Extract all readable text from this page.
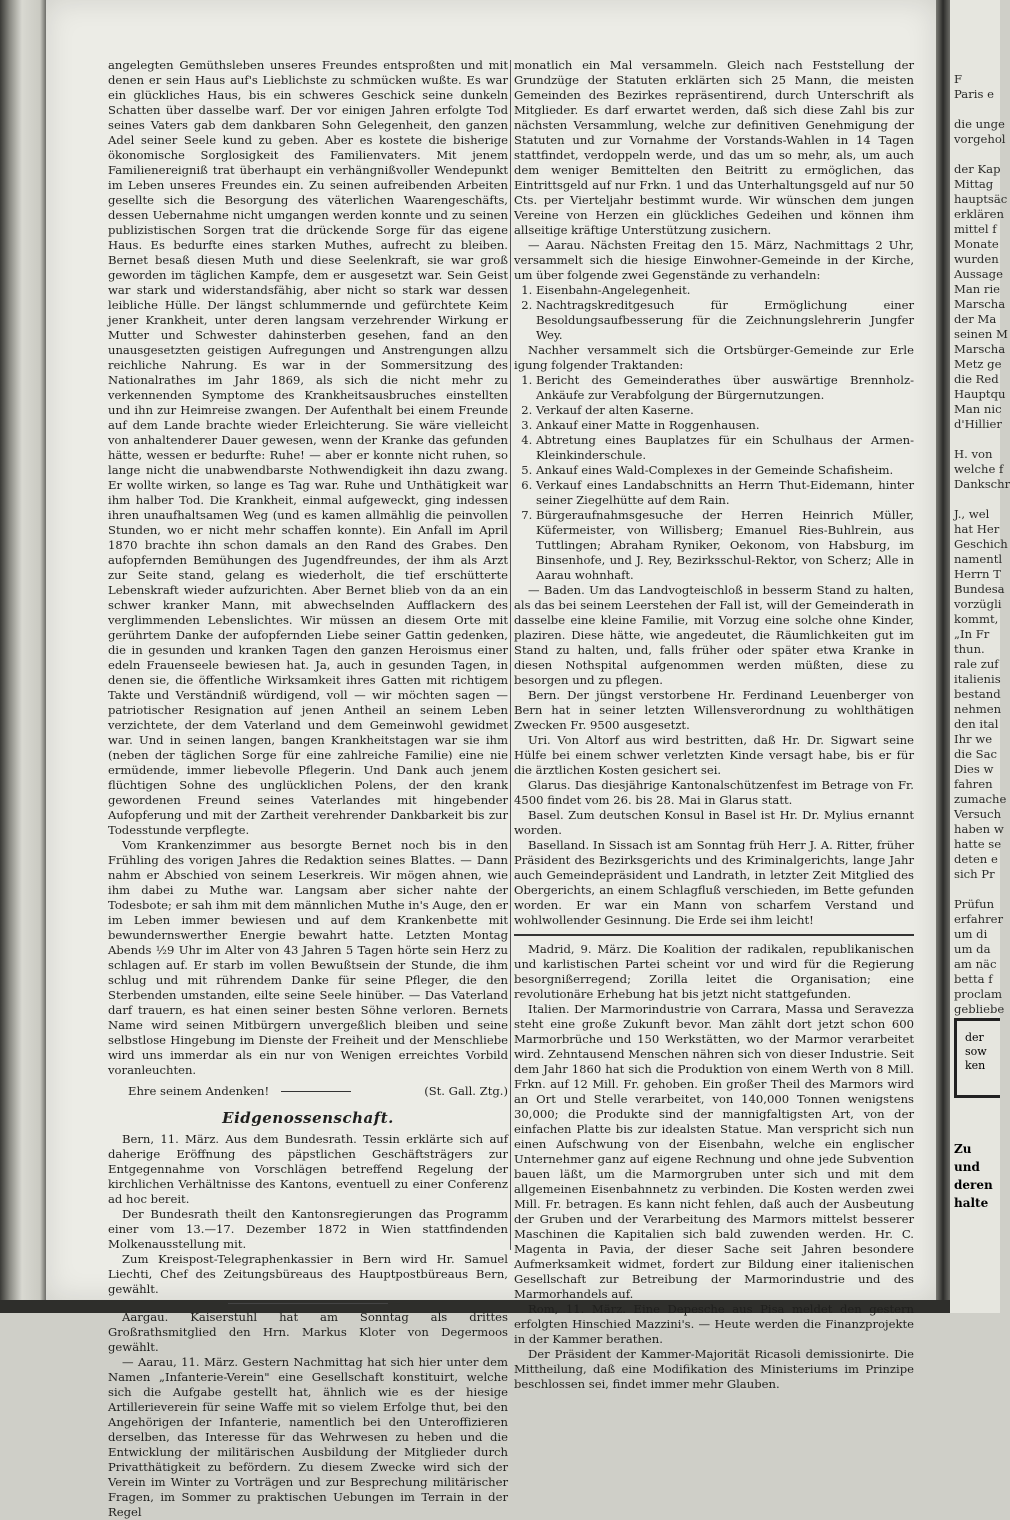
angelegten Gemüthsleben unseres Freundes entsproßten und mit denen er sein Haus auf's Lieblichste zu schmücken wußte. Es war ein glückliches Haus, bis ein schweres Geschick seine dunkeln Schatten über dasselbe warf. Der vor einigen Jahren erfolgte Tod seines Vaters gab dem dankbaren Sohn Gelegenheit, den ganzen Adel seiner Seele kund zu geben. Aber es kostete die bisherige ökonomische Sorglosigkeit des Familienvaters. Mit jenem Familienereigniß trat überhaupt ein verhängnißvoller Wendepunkt im Leben unseres Freundes ein. Zu seinen aufreibenden Arbeiten gesellte sich die Besorgung des väterlichen Waarengeschäfts, dessen Uebernahme nicht umgangen werden konnte und zu seinen publizistischen Sorgen trat die drückende Sorge für das eigene Haus. Es bedurfte eines starken Muthes, aufrecht zu bleiben. Bernet besaß diesen Muth und diese Seelenkraft, sie war groß geworden im täglichen Kampfe, dem er ausgesetzt war. Sein Geist war stark und widerstandsfähig, aber nicht so stark war dessen leibliche Hülle. Der längst schlummernde und gefürchtete Keim jener Krankheit, unter deren langsam verzehrender Wirkung er Mutter und Schwester dahinsterben gesehen, fand an den unausgesetzten geistigen Aufregungen und Anstrengungen allzu reichliche Nahrung. Es war in der Sommersitzung des Nationalrathes im Jahr 1869, als sich die nicht mehr zu verkennenden Symptome des Krankheitsausbruches einstellten und ihn zur Heimreise zwangen. Der Aufenthalt bei einem Freunde auf dem Lande brachte wieder Erleichterung. Sie wäre vielleicht von anhaltenderer Dauer gewesen, wenn der Kranke das gefunden hätte, wessen er bedurfte: Ruhe! — aber er konnte nicht ruhen, so lange nicht die unabwendbarste Nothwendigkeit ihn dazu zwang. Er wollte wirken, so lange es Tag war. Ruhe und Unthätigkeit war ihm halber Tod. Die Krankheit, einmal aufgeweckt, ging indessen ihren unaufhaltsamen Weg (und es kamen allmählig die peinvollen Stunden, wo er nicht mehr schaffen konnte). Ein Anfall im April 1870 brachte ihn schon damals an den Rand des Grabes. Den aufopfernden Bemühungen des Jugendfreundes, der ihm als Arzt zur Seite stand, gelang es wiederholt, die tief erschütterte Lebenskraft wieder aufzurichten. Aber Bernet blieb von da an ein schwer kranker Mann, mit abwechselnden Aufflackern des verglimmenden Lebenslichtes. Wir müssen an diesem Orte mit gerührtem Danke der aufopfernden Liebe seiner Gattin gedenken, die in gesunden und kranken Tagen den ganzen Heroismus einer edeln Frauenseele bewiesen hat. Ja, auch in gesunden Tagen, in denen sie, die öffentliche Wirksamkeit ihres Gatten mit richtigem Takte und Verständniß würdigend, voll — wir möchten sagen — patriotischer Resignation auf jenen Antheil an seinem Leben verzichtete, der dem Vaterland und dem Gemeinwohl gewidmet war. Und in seinen langen, bangen Krankheitstagen war sie ihm (neben der täglichen Sorge für eine zahlreiche Familie) eine nie ermüdende, immer liebevolle Pflegerin. Und Dank auch jenem flüchtigen Sohne des unglücklichen Polens, der den krank gewordenen Freund seines Vaterlandes mit hingebender Aufopferung und mit der Zartheit verehrender Dankbarkeit bis zur Todesstunde verpflegte.

Vom Krankenzimmer aus besorgte Bernet noch bis in den Frühling des vorigen Jahres die Redaktion seines Blattes. — Dann nahm er Abschied von seinem Leserkreis. Wir mögen ahnen, wie ihm dabei zu Muthe war. Langsam aber sicher nahte der Todesbote; er sah ihm mit dem männlichen Muthe in's Auge, den er im Leben immer bewiesen und auf dem Krankenbette mit bewundernswerther Energie bewahrt hatte. Letzten Montag Abends ½9 Uhr im Alter von 43 Jahren 5 Tagen hörte sein Herz zu schlagen auf. Er starb im vollen Bewußtsein der Stunde, die ihm schlug und mit rührendem Danke für seine Pfleger, die den Sterbenden umstanden, eilte seine Seele hinüber. — Das Vaterland darf trauern, es hat einen seiner besten Söhne verloren. Bernets Name wird seinen Mitbürgern unvergeßlich bleiben und seine selbstlose Hingebung im Dienste der Freiheit und der Menschliebe wird uns immerdar als ein nur von Wenigen erreichtes Vorbild voranleuchten.

Ehre seinem Andenken!	(St. Gall. Ztg.)
Eidgenossenschaft.

Bern, 11. März. Aus dem Bundesrath. Tessin erklärte sich auf daherige Eröffnung des päpstlichen Geschäftsträgers zur Entgegennahme von Vorschlägen betreffend Regelung der kirchlichen Verhältnisse des Kantons, eventuell zu einer Conferenz ad hoc bereit.

Der Bundesrath theilt den Kantonsregierungen das Programm einer vom 13.—17. Dezember 1872 in Wien stattfindenden Molkenausstellung mit.

Zum Kreispost-Telegraphenkassier in Bern wird Hr. Samuel Liechti, Chef des Zeitungsbüreaus des Hauptpostbüreaus Bern, gewählt.

Aargau. Kaiserstuhl hat am Sonntag als drittes Großrathsmitglied den Hrn. Markus Kloter von Degermoos gewählt.

— Aarau, 11. März. Gestern Nachmittag hat sich hier unter dem Namen „Infanterie-Verein" eine Gesellschaft konstituirt, welche sich die Aufgabe gestellt hat, ähnlich wie es der hiesige Artillerieverein für seine Waffe mit so vielem Erfolge thut, bei den Angehörigen der Infanterie, namentlich bei den Unteroffizieren derselben, das Interesse für das Wehrwesen zu heben und die Entwicklung der militärischen Ausbildung der Mitglieder durch Privatthätigkeit zu befördern. Zu diesem Zwecke wird sich der Verein im Winter zu Vorträgen und zur Besprechung militärischer Fragen, im Sommer zu praktischen Uebungen im Terrain in der Regel

monatlich ein Mal versammeln. Gleich nach Feststellung der Grundzüge der Statuten erklärten sich 25 Mann, die meisten Gemeinden des Bezirkes repräsentirend, durch Unterschrift als Mitglieder. Es darf erwartet werden, daß sich diese Zahl bis zur nächsten Versammlung, welche zur definitiven Genehmigung der Statuten und zur Vornahme der Vorstands-Wahlen in 14 Tagen stattfindet, verdoppeln werde, und das um so mehr, als, um auch dem weniger Bemittelten den Beitritt zu ermöglichen, das Eintrittsgeld auf nur Frkn. 1 und das Unterhaltungsgeld auf nur 50 Cts. per Vierteljahr bestimmt wurde. Wir wünschen dem jungen Vereine von Herzen ein glückliches Gedeihen und können ihm allseitige kräftige Unterstützung zusichern.

— Aarau. Nächsten Freitag den 15. März, Nachmittags 2 Uhr, versammelt sich die hiesige Einwohner-Gemeinde in der Kirche, um über folgende zwei Gegenstände zu verhandeln:

1. Eisenbahn-Angelegenheit.
2. Nachtragskreditgesuch für Ermöglichung einer Besoldungsaufbesserung für die Zeichnungslehrerin Jungfer Wey.

Nachher versammelt sich die Ortsbürger-Gemeinde zur Erle igung folgender Traktanden:

1. Bericht des Gemeinderathes über auswärtige Brennholz-Ankäufe zur Verabfolgung der Bürgernutzungen.
2. Verkauf der alten Kaserne.
3. Ankauf einer Matte in Roggenhausen.
4. Abtretung eines Bauplatzes für ein Schulhaus der Armen-Kleinkinderschule.
5. Ankauf eines Wald-Complexes in der Gemeinde Schafisheim.
6. Verkauf eines Landabschnitts an Herrn Thut-Eidemann, hinter seiner Ziegelhütte auf dem Rain.
7. Bürgeraufnahmsgesuche der Herren Heinrich Müller, Küfermeister, von Willisberg; Emanuel Ries-Buhlrein, aus Tuttlingen; Abraham Ryniker, Oekonom, von Habsburg, im Binsenhofe, und J. Rey, Bezirksschul-Rektor, von Scherz; Alle in Aarau wohnhaft.

— Baden. Um das Landvogteischloß in besserm Stand zu halten, als das bei seinem Leerstehen der Fall ist, will der Gemeinderath in dasselbe eine kleine Familie, mit Vorzug eine solche ohne Kinder, plaziren. Diese hätte, wie angedeutet, die Räumlichkeiten gut im Stand zu halten, und, falls früher oder später etwa Kranke in diesen Nothspital aufgenommen werden müßten, diese zu besorgen und zu pflegen.

Bern. Der jüngst verstorbene Hr. Ferdinand Leuenberger von Bern hat in seiner letzten Willensverordnung zu wohlthätigen Zwecken Fr. 9500 ausgesetzt.

Uri. Von Altorf aus wird bestritten, daß Hr. Dr. Sigwart seine Hülfe bei einem schwer verletzten Kinde versagt habe, bis er für die ärztlichen Kosten gesichert sei.

Glarus. Das diesjährige Kantonalschützenfest im Betrage von Fr. 4500 findet vom 26. bis 28. Mai in Glarus statt.

Basel. Zum deutschen Konsul in Basel ist Hr. Dr. Mylius ernannt worden.

Baselland. In Sissach ist am Sonntag früh Herr J. A. Ritter, früher Präsident des Bezirksgerichts und des Kriminalgerichts, lange Jahr auch Gemeindepräsident und Landrath, in letzter Zeit Mitglied des Obergerichts, an einem Schlagfluß verschieden, im Bette gefunden worden. Er war ein Mann von scharfem Verstand und wohlwollender Gesinnung. Die Erde sei ihm leicht!

Madrid, 9. März. Die Koalition der radikalen, republikanischen und karlistischen Partei scheint vor und wird für die Regierung besorgnißerregend; Zorilla leitet die Organisation; eine revolutionäre Erhebung hat bis jetzt nicht stattgefunden.

Italien. Der Marmorindustrie von Carrara, Massa und Seravezza steht eine große Zukunft bevor. Man zählt dort jetzt schon 600 Marmorbrüche und 150 Werkstätten, wo der Marmor verarbeitet wird. Zehntausend Menschen nähren sich von dieser Industrie. Seit dem Jahr 1860 hat sich die Produktion von einem Werth von 8 Mill. Frkn. auf 12 Mill. Fr. gehoben. Ein großer Theil des Marmors wird an Ort und Stelle verarbeitet, von 140,000 Tonnen wenigstens 30,000; die Produkte sind der mannigfaltigsten Art, von der einfachen Platte bis zur idealsten Statue. Man verspricht sich nun einen Aufschwung von der Eisenbahn, welche ein englischer Unternehmer ganz auf eigene Rechnung und ohne jede Subvention bauen läßt, um die Marmorgruben unter sich und mit dem allgemeinen Eisenbahnnetz zu verbinden. Die Kosten werden zwei Mill. Fr. betragen. Es kann nicht fehlen, daß auch der Ausbeutung der Gruben und der Verarbeitung des Marmors mittelst besserer Maschinen die Kapitalien sich bald zuwenden werden. Hr. C. Magenta in Pavia, der dieser Sache seit Jahren besondere Aufmerksamkeit widmet, fordert zur Bildung einer italienischen Gesellschaft zur Betreibung der Marmorindustrie und des Marmorhandels auf.

Rom, 11. März. Eine Depesche aus Pisa meldet den gestern erfolgten Hinschied Mazzini's. — Heute werden die Finanzprojekte in der Kammer berathen.

Der Präsident der Kammer-Majorität Ricasoli demissionirte. Die Mittheilung, daß eine Modifikation des Ministeriums im Prinzipe beschlossen sei, findet immer mehr Glauben.

F
Paris e
die unge
vorgehol
der Kap
Mittag
hauptsäc
erklären
mittel f
Monate
wurden
Aussage
Man rie
Marscha
der Ma
seinen M
Marscha
Metz ge
die Red
Hauptqu
Man nic
d'Hillier
H. von
welche f
Dankschr
J., wel
hat Her
Geschich
namentl
Herrn T
Bundesa
vorzügli
kommt,
„In Fr
thun.
rale zuf
italienis
bestand
nehmen
den ital
Ihr we
die Sac
Dies w
fahren
zumache
Versuch
haben w
hatte se
deten e
sich Pr
Prüfun
erfahrer
um di
um da
am näc
betta f
proclam
gebliebe
der
sow
ken
Zu
und
deren
halte
